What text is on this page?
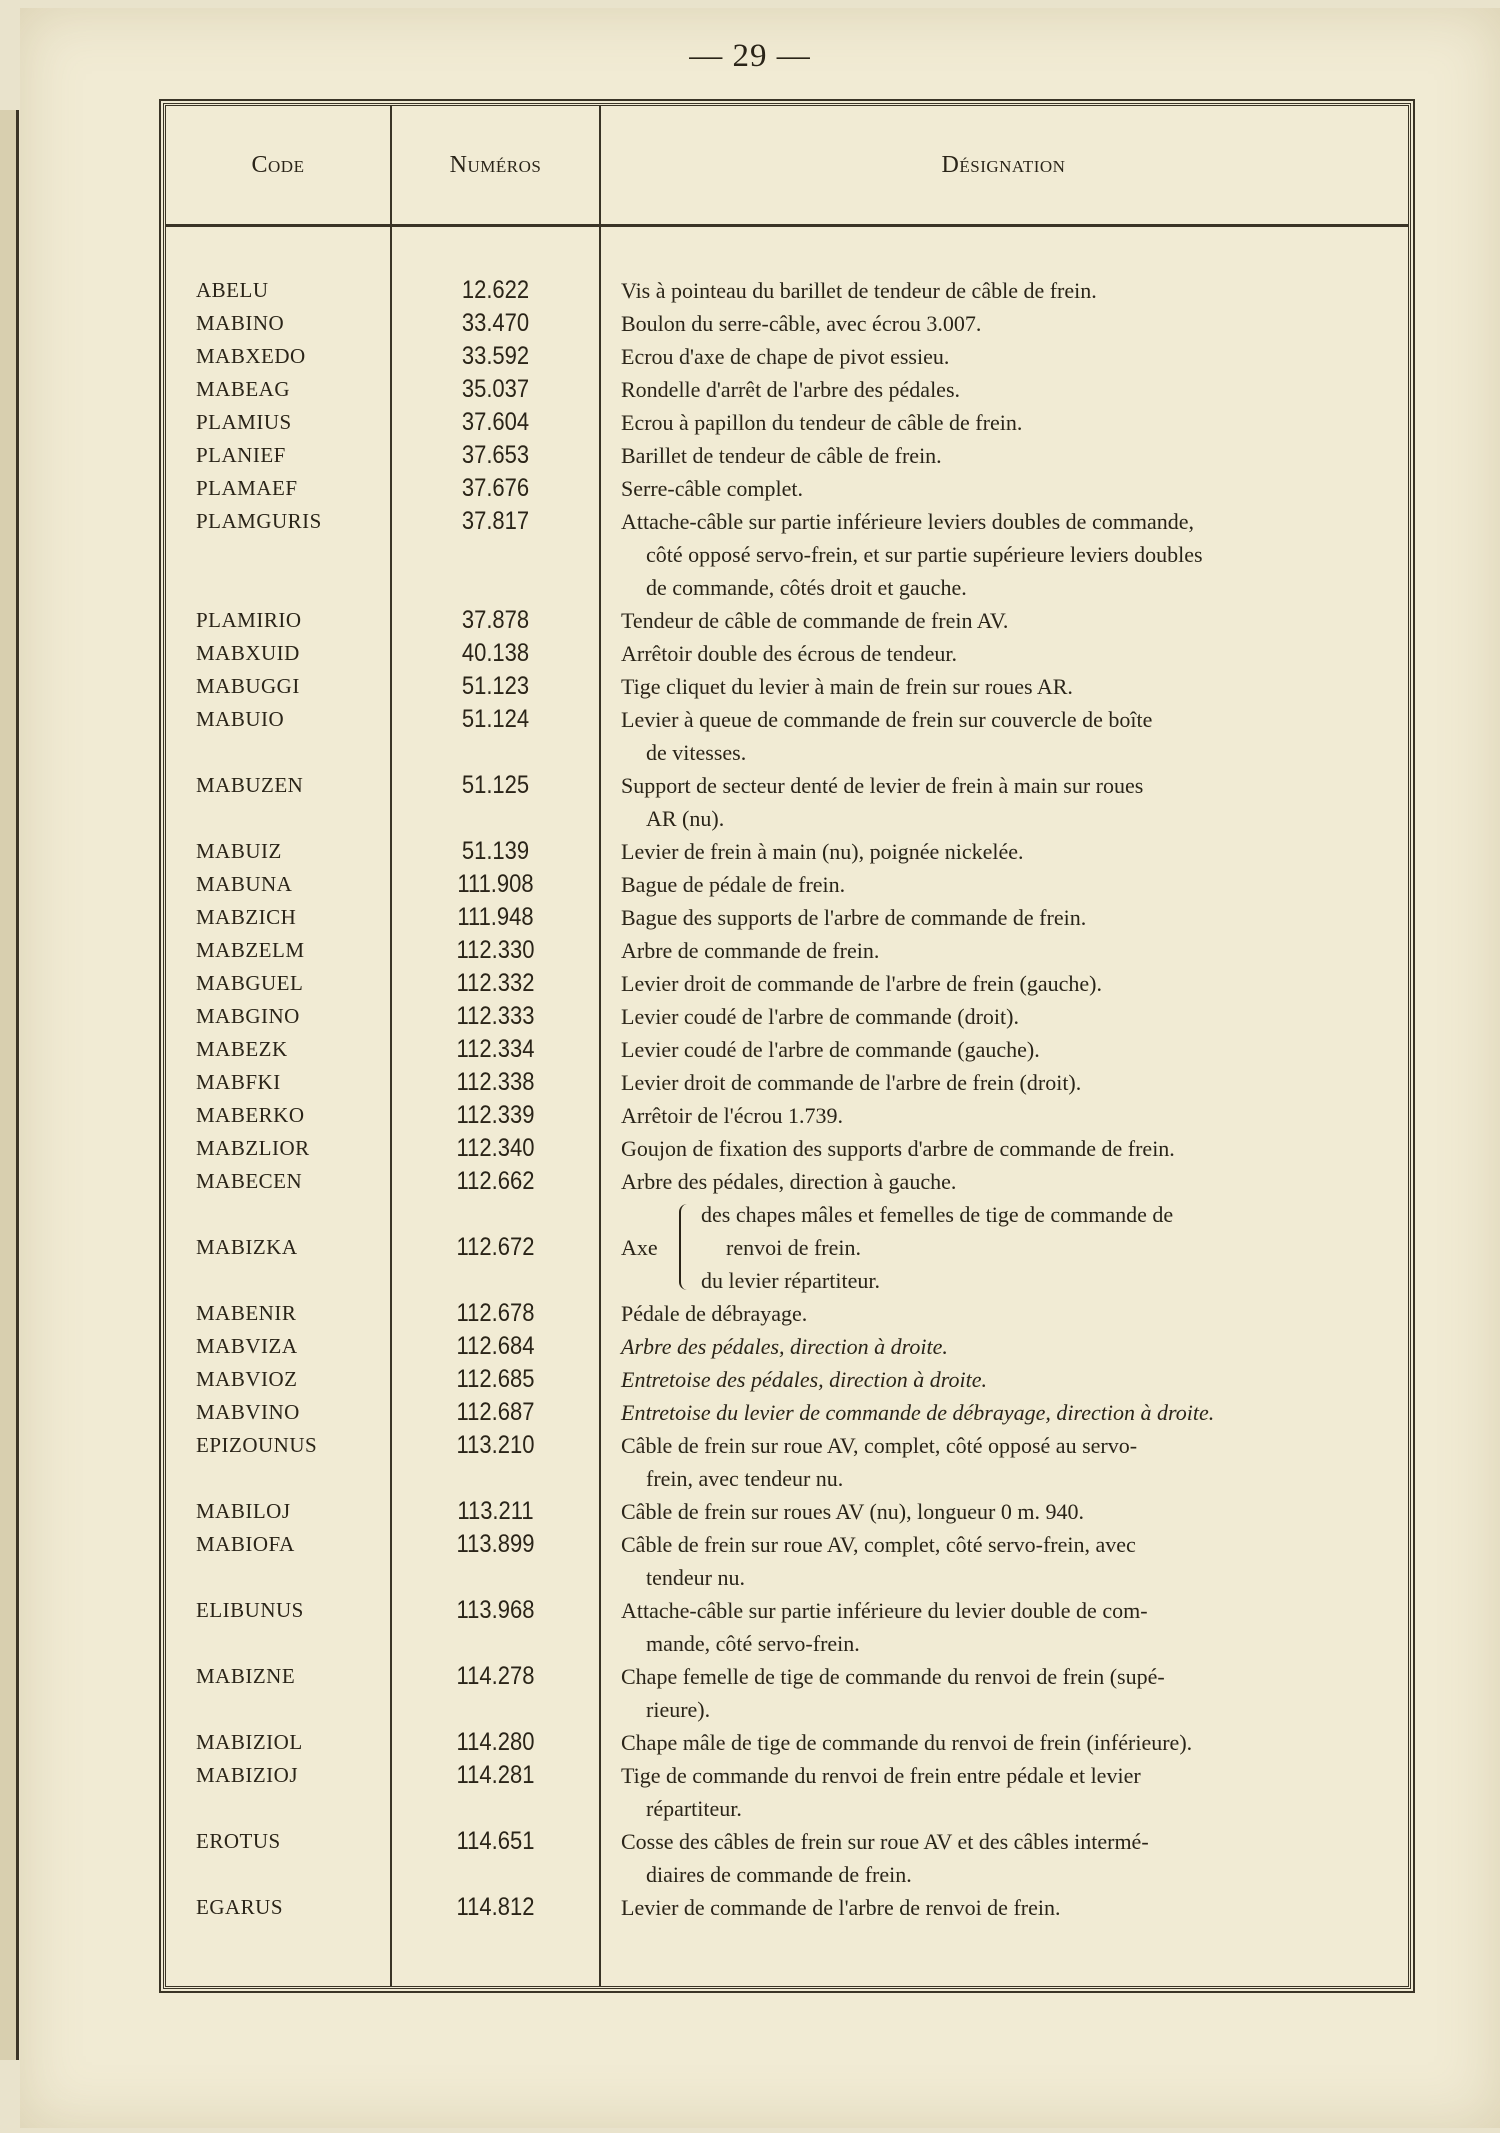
— 29 —
Code	Numéros	Désignation
ABELU	12.622	Vis à pointeau du barillet de tendeur de câble de frein.
MABINO	33.470	Boulon du serre-câble, avec écrou 3.007.
MABXEDO	33.592	Ecrou d'axe de chape de pivot essieu.
MABEAG	35.037	Rondelle d'arrêt de l'arbre des pédales.
PLAMIUS	37.604	Ecrou à papillon du tendeur de câble de frein.
PLANIEF	37.653	Barillet de tendeur de câble de frein.
PLAMAEF	37.676	Serre-câble complet.
PLAMGURIS	37.817	Attache-câble sur partie inférieure leviers doubles de commande,
côté opposé servo-frein, et sur partie supérieure leviers doubles
de commande, côtés droit et gauche.
PLAMIRIO	37.878	Tendeur de câble de commande de frein AV.
MABXUID	40.138	Arrêtoir double des écrous de tendeur.
MABUGGI	51.123	Tige cliquet du levier à main de frein sur roues AR.
MABUIO	51.124	Levier à queue de commande de frein sur couvercle de boîte
de vitesses.
MABUZEN	51.125	Support de secteur denté de levier de frein à main sur roues
AR (nu).
MABUIZ	51.139	Levier de frein à main (nu), poignée nickelée.
MABUNA	111.908	Bague de pédale de frein.
MABZICH	111.948	Bague des supports de l'arbre de commande de frein.
MABZELM	112.330	Arbre de commande de frein.
MABGUEL	112.332	Levier droit de commande de l'arbre de frein (gauche).
MABGINO	112.333	Levier coudé de l'arbre de commande (droit).
MABEZK	112.334	Levier coudé de l'arbre de commande (gauche).
MABFKI	112.338	Levier droit de commande de l'arbre de frein (droit).
MABERKO	112.339	Arrêtoir de l'écrou 1.739.
MABZLIOR	112.340	Goujon de fixation des supports d'arbre de commande de frein.
MABECEN	112.662	Arbre des pédales, direction à gauche.
MABIZKA	112.672	Axe
des chapes mâles et femelles de tige de commande de
renvoi de frein.
du levier répartiteur.
MABENIR	112.678	Pédale de débrayage.
MABVIZA	112.684	Arbre des pédales, direction à droite.
MABVIOZ	112.685	Entretoise des pédales, direction à droite.
MABVINO	112.687	Entretoise du levier de commande de débrayage, direction à droite.
EPIZOUNUS	113.210	Câble de frein sur roue AV, complet, côté opposé au servo-
frein, avec tendeur nu.
MABILOJ	113.211	Câble de frein sur roues AV (nu), longueur 0 m. 940.
MABIOFA	113.899	Câble de frein sur roue AV, complet, côté servo-frein, avec
tendeur nu.
ELIBUNUS	113.968	Attache-câble sur partie inférieure du levier double de com-
mande, côté servo-frein.
MABIZNE	114.278	Chape femelle de tige de commande du renvoi de frein (supé-
rieure).
MABIZIOL	114.280	Chape mâle de tige de commande du renvoi de frein (inférieure).
MABIZIOJ	114.281	Tige de commande du renvoi de frein entre pédale et levier
répartiteur.
EROTUS	114.651	Cosse des câbles de frein sur roue AV et des câbles intermé-
diaires de commande de frein.
EGARUS	114.812	Levier de commande de l'arbre de renvoi de frein.
